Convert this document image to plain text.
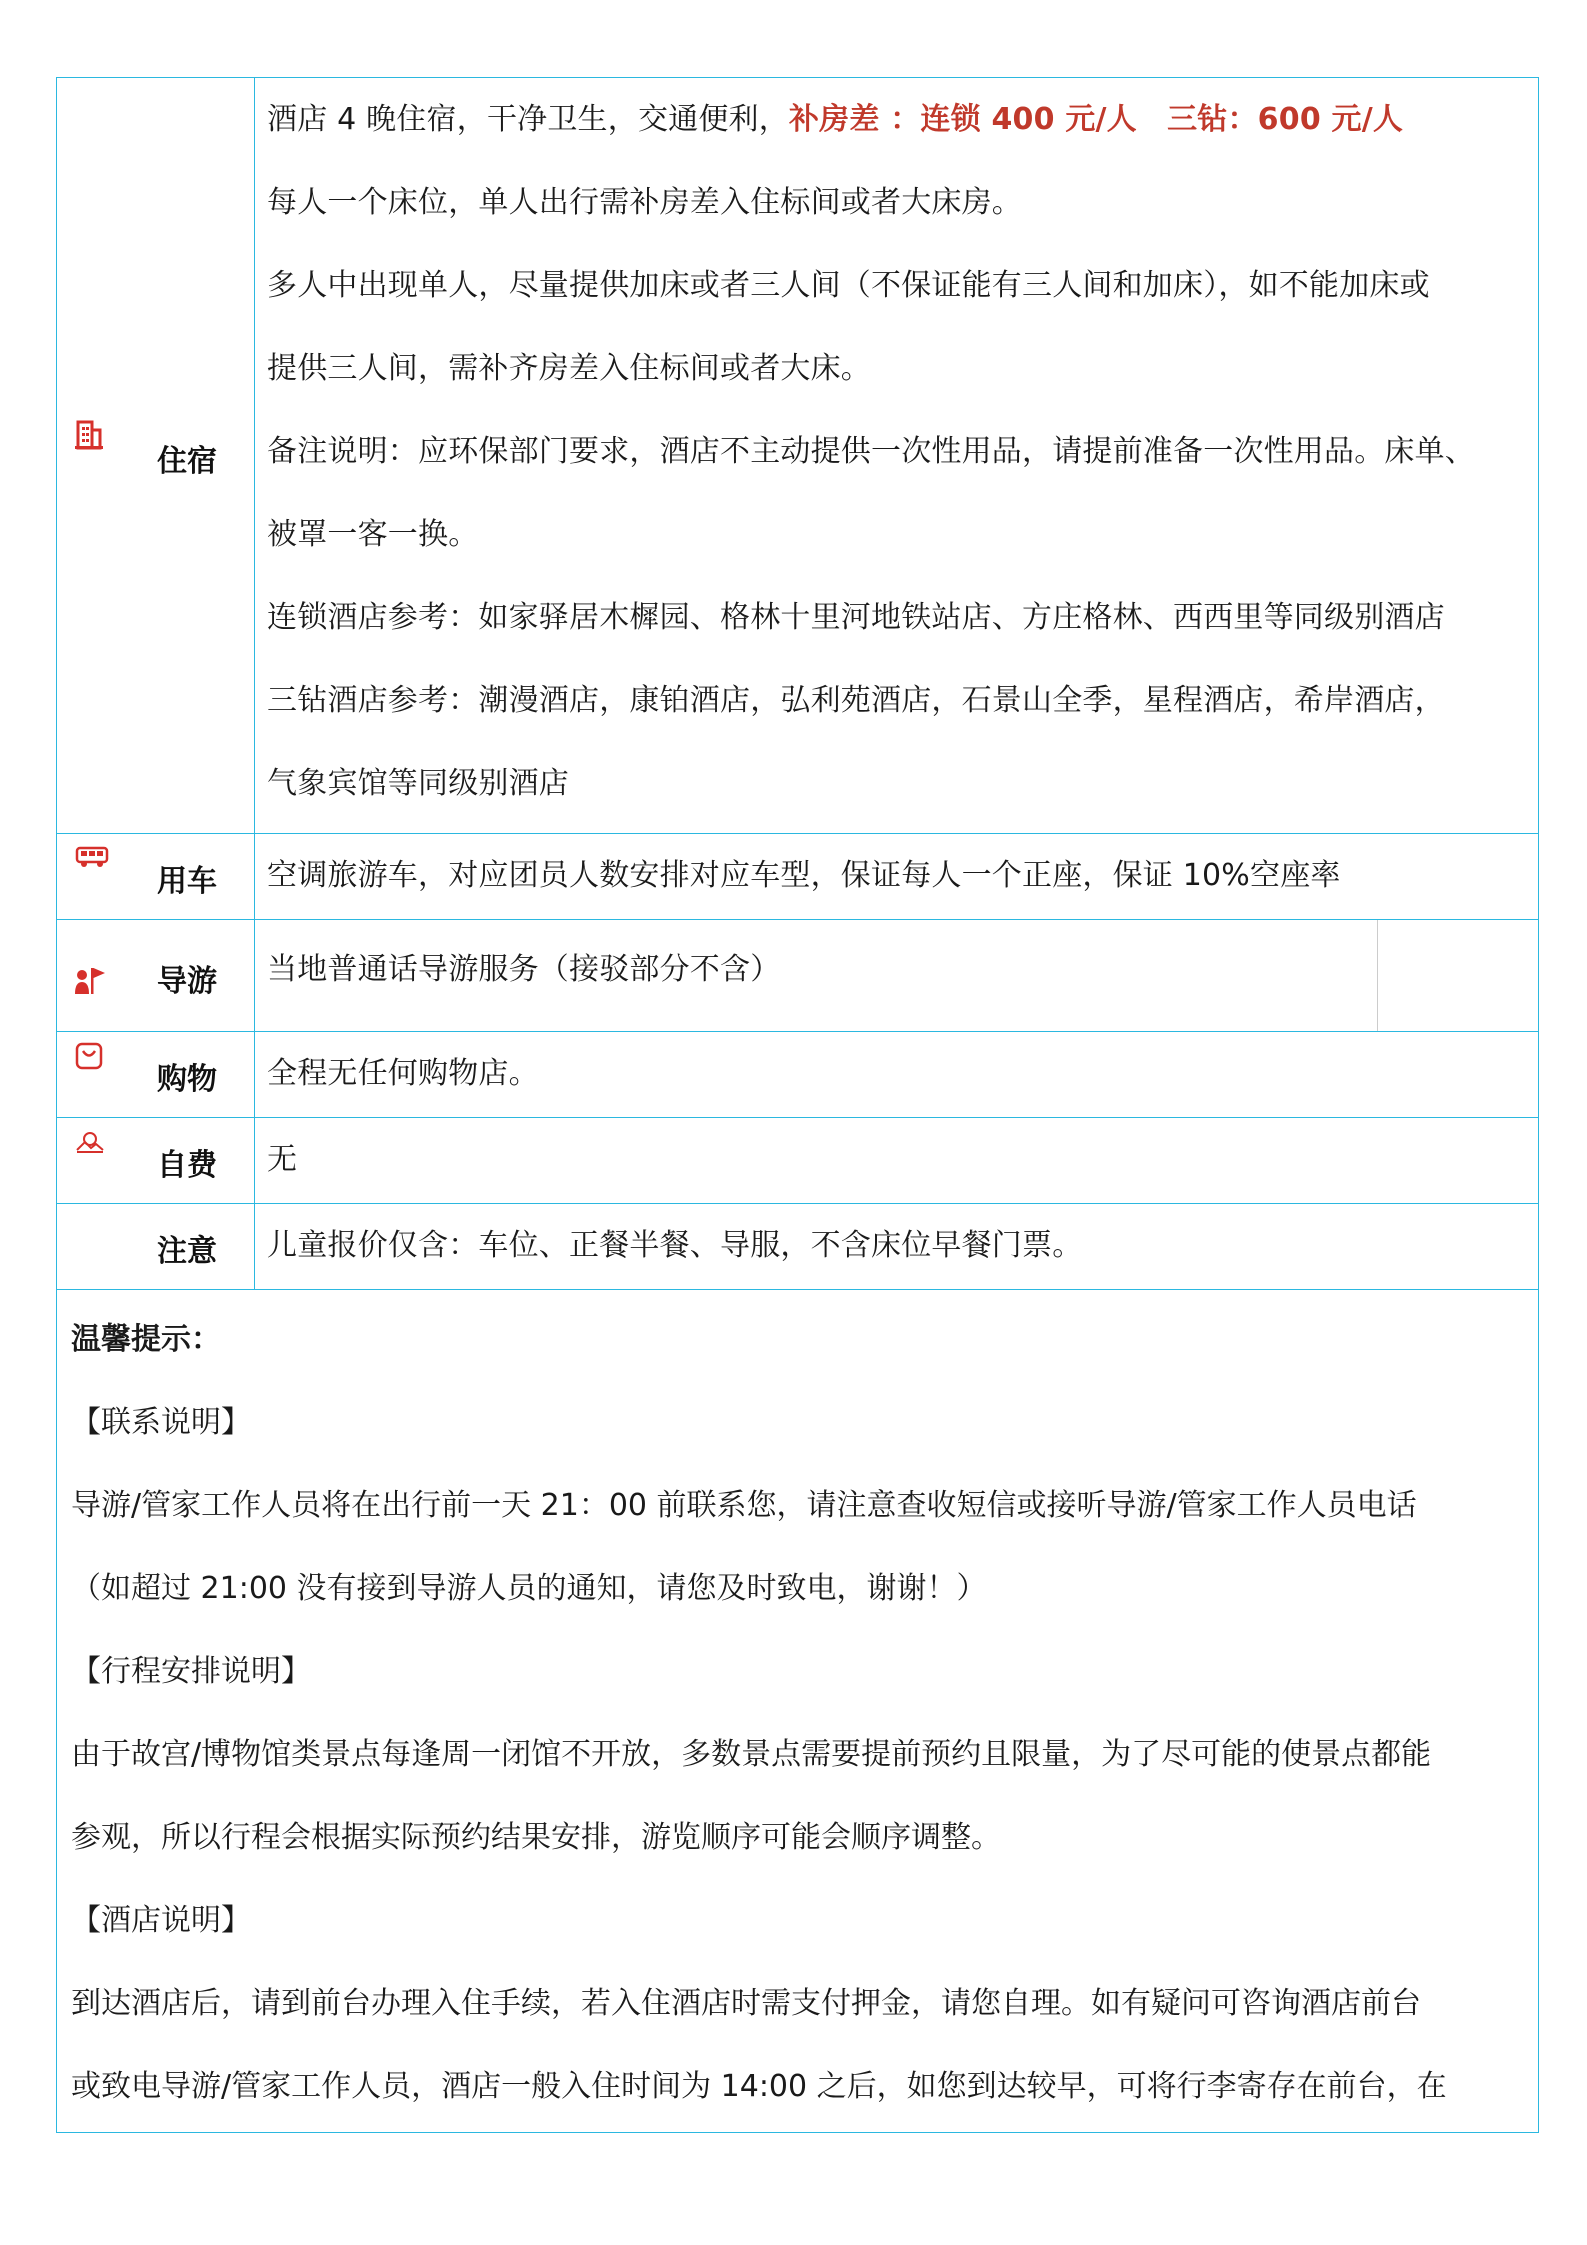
住宿

酒店 4 晚住宿，干净卫生，交通便利，补房差 ：连锁 400 元/人　三钻：600 元/人

每人一个床位，单人出行需补房差入住标间或者大床房。

多人中出现单人，尽量提供加床或者三人间（不保证能有三人间和加床），如不能加床或

提供三人间，需补齐房差入住标间或者大床。

备注说明：应环保部门要求，酒店不主动提供一次性用品，请提前准备一次性用品。床单、

被罩一客一换。

连锁酒店参考：如家驿居木樨园、格林十里河地铁站店、方庄格林、西西里等同级别酒店

三钻酒店参考：潮漫酒店，康铂酒店，弘利苑酒店，石景山全季，星程酒店，希岸酒店，

气象宾馆等同级别酒店

用车 空调旅游车，对应团员人数安排对应车型，保证每人一个正座，保证 10%空座率

导游 当地普通话导游服务（接驳部分不含）

购物 全程无任何购物店。

自费 无

注意 儿童报价仅含：车位、正餐半餐、导服，不含床位早餐门票。

温馨提示：

【联系说明】

导游/管家工作人员将在出行前一天 21：00 前联系您，请注意查收短信或接听导游/管家工作人员电话

（如超过 21:00 没有接到导游人员的通知，请您及时致电，谢谢！）

【行程安排说明】

由于故宫/博物馆类景点每逢周一闭馆不开放，多数景点需要提前预约且限量，为了尽可能的使景点都能

参观，所以行程会根据实际预约结果安排，游览顺序可能会顺序调整。

【酒店说明】

到达酒店后，请到前台办理入住手续，若入住酒店时需支付押金，请您自理。如有疑问可咨询酒店前台

或致电导游/管家工作人员，酒店一般入住时间为 14:00 之后，如您到达较早，可将行李寄存在前台，在
